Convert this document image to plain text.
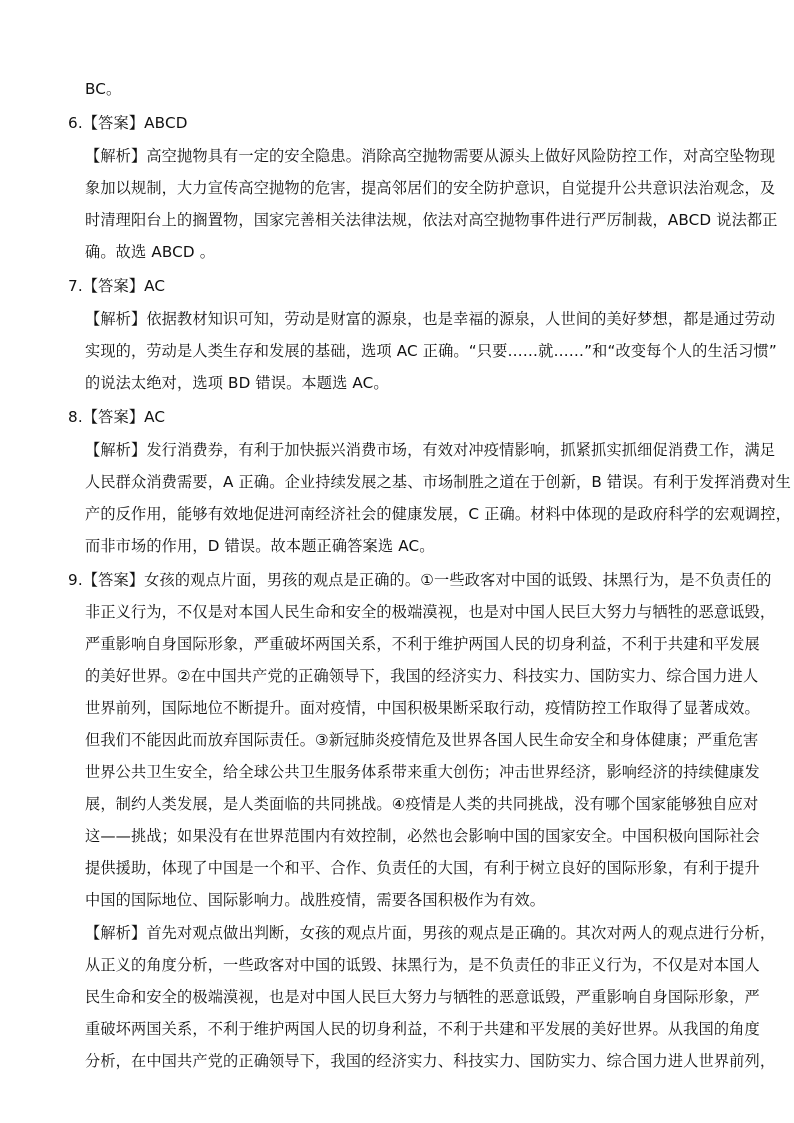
BC。
6.【答案】ABCD
【解析】高空抛物具有一定的安全隐患。消除高空抛物需要从源头上做好风险防控工作，对高空坠物现
象加以规制，大力宣传高空抛物的危害，提高邻居们的安全防护意识，自觉提升公共意识法治观念，及
时清理阳台上的搁置物，国家完善相关法律法规，依法对高空抛物事件进行严厉制裁，ABCD 说法都正
确。故选 ABCD 。
7.【答案】AC
【解析】依据教材知识可知，劳动是财富的源泉，也是幸福的源泉，人世间的美好梦想，都是通过劳动
实现的，劳动是人类生存和发展的基础，选项 AC 正确。“只要……就……”和“改变每个人的生活习惯”
的说法太绝对，选项 BD 错误。本题选 AC。
8.【答案】AC
【解析】发行消费券，有利于加快振兴消费市场，有效对冲疫情影响，抓紧抓实抓细促消费工作，满足
人民群众消费需要，A 正确。企业持续发展之基、市场制胜之道在于创新，B 错误。有利于发挥消费对生
产的反作用，能够有效地促进河南经济社会的健康发展，C 正确。材料中体现的是政府科学的宏观调控，
而非市场的作用，D 错误。故本题正确答案选 AC。
9.【答案】女孩的观点片面，男孩的观点是正确的。①一些政客对中国的诋毁、抹黑行为，是不负责任的
非正义行为，不仅是对本国人民生命和安全的极端漠视，也是对中国人民巨大努力与牺牲的恶意诋毁，
严重影响自身国际形象，严重破坏两国关系，不利于维护两国人民的切身利益，不利于共建和平发展
的美好世界。②在中国共产党的正确领导下，我国的经济实力、科技实力、国防实力、综合国力进人
世界前列，国际地位不断提升。面对疫情，中国积极果断采取行动，疫情防控工作取得了显著成效。
但我们不能因此而放弃国际责任。③新冠肺炎疫情危及世界各国人民生命安全和身体健康；严重危害
世界公共卫生安全，给全球公共卫生服务体系带来重大创伤；冲击世界经济，影响经济的持续健康发
展，制约人类发展，是人类面临的共同挑战。④疫情是人类的共同挑战，没有哪个国家能够独自应对
这——挑战；如果没有在世界范围内有效控制，必然也会影响中国的国家安全。中国积极向国际社会
提供援助，体现了中国是一个和平、合作、负责任的大国，有利于树立良好的国际形象，有利于提升
中国的国际地位、国际影响力。战胜疫情，需要各国积极作为有效。
【解析】首先对观点做出判断，女孩的观点片面，男孩的观点是正确的。其次对两人的观点进行分析，
从正义的角度分析，一些政客对中国的诋毁、抹黑行为，是不负责任的非正义行为，不仅是对本国人
民生命和安全的极端漠视，也是对中国人民巨大努力与牺牲的恶意诋毁，严重影响自身国际形象，严
重破坏两国关系，不利于维护两国人民的切身利益，不利于共建和平发展的美好世界。从我国的角度
分析，在中国共产党的正确领导下，我国的经济实力、科技实力、国防实力、综合国力进人世界前列，
